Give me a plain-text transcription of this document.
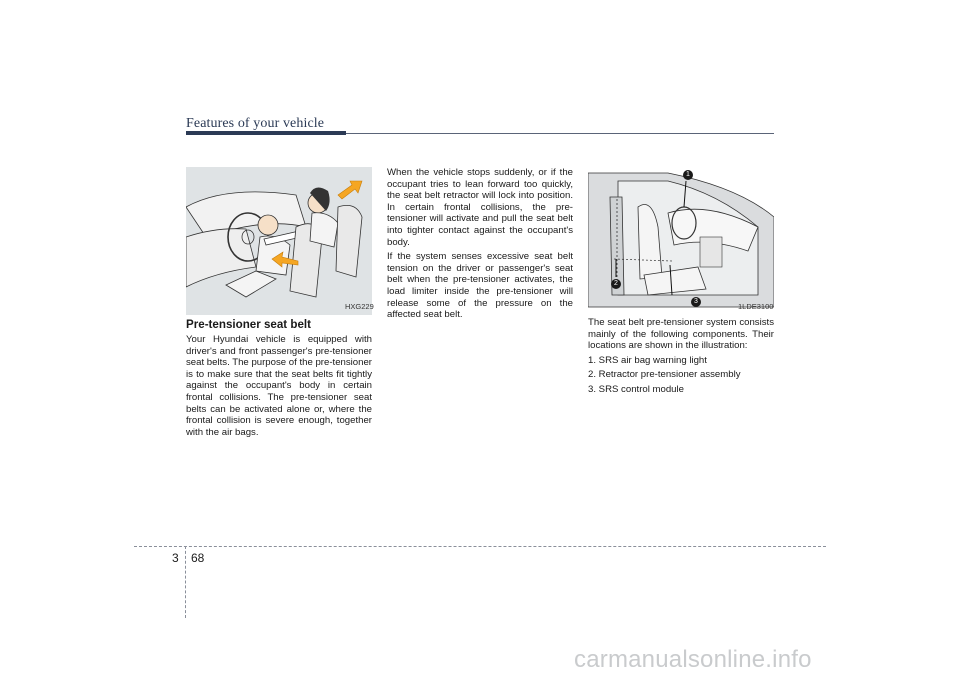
Features of your vehicle
HXG229
Pre-tensioner seat belt

Your Hyundai vehicle is equipped with driver's and front passenger's pre-tensioner seat belts. The purpose of the pre-tensioner is to make sure that the seat belts fit tightly against the occupant's body in certain frontal collisions. The pre-tensioner seat belts can be activated alone or, where the frontal collision is severe enough, together with the air bags.

When the vehicle stops suddenly, or if the occupant tries to lean forward too quickly, the seat belt retractor will lock into position. In certain frontal collisions, the pre-tensioner will activate and pull the seat belt into tighter contact against the occupant's body.

If the system senses excessive seat belt tension on the driver or passenger's seat belt when the pre-tensioner activates, the load limiter inside the pre-tensioner will release some of the pressure on the affected seat belt.

1
2
3
1LDE3100

The seat belt pre-tensioner system consists mainly of the following components. Their locations are shown in the illustration:

1. SRS air bag warning light

2. Retractor pre-tensioner assembly

3. SRS control module

3 68
carmanualsonline.info
